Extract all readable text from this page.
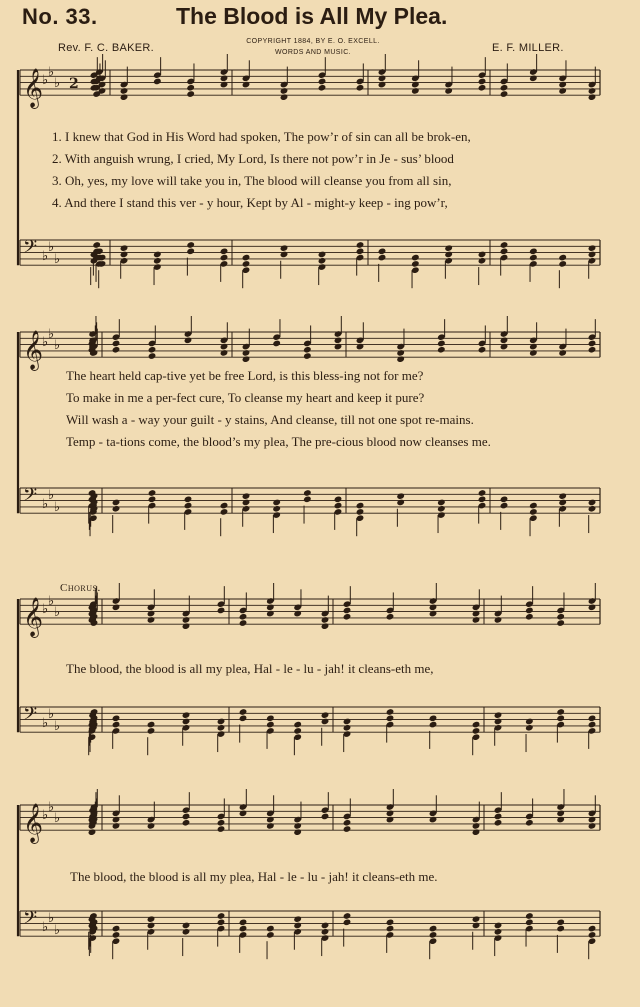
No. 33.	The Blood is All My Plea.
Rev. F. C. BAKER.
COPYRIGHT 1884, BY E. O. EXCELL.
WORDS AND MUSIC.	E. F. MILLER.
𝄞
♭
♭
♭
𝄢 ♭
♭
♭
2
𝄞
♭
♭
♭
𝄢 ♭
♭
♭
𝄞
♭
♭
♭
𝄢 ♭
♭
♭
𝄞
♭
♭
♭
𝄢 ♭
♭
♭
1. I knew that God in His Word had spoken, The pow’r of sin can all be brok-en,
2. With anguish wrung, I cried, My Lord, Is there not pow’r in Je - sus’ blood
3. Oh, yes, my love will take you in, The blood will cleanse you from all sin,
4. And there I stand this ver - y hour, Kept by Al - might-y keep - ing pow’r,
The heart held cap-tive yet be free Lord, is this bless-ing not for me?
To make in me a per-fect cure, To cleanse my heart and keep it pure?
Will wash a - way your guilt - y stains, And cleanse, till not one spot re-mains.
Temp - ta-tions come, the blood’s my plea, The pre-cious blood now cleanses me.
Chorus.
The blood, the blood is all my plea, Hal - le - lu - jah! it cleans-eth me,
The blood, the blood is all my plea, Hal - le - lu - jah! it cleans-eth me.
